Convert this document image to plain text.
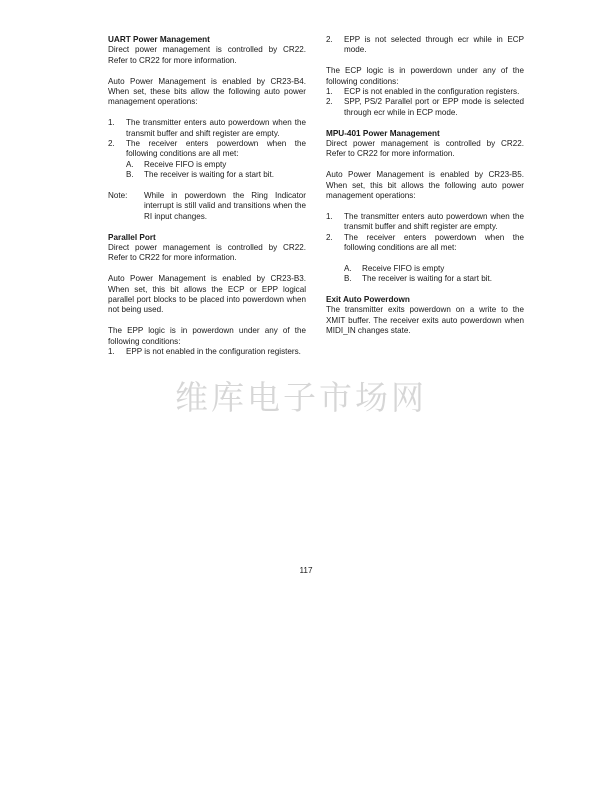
UART Power Management

Direct power management is controlled by CR22. Refer to CR22 for more information.

Auto Power Management is enabled by CR23-B4. When set, these bits allow the following auto power management operations:

1.	The transmitter enters auto powerdown when the transmit buffer and shift register are empty.
2.	The receiver enters powerdown when the following conditions are all met:
A.	Receive FIFO is empty
B.	The receiver is waiting for a start bit.
Note:	While in powerdown the Ring Indicator interrupt is still valid and transitions when the RI input changes.

Parallel Port

Direct power management is controlled by CR22. Refer to CR22 for more information.

Auto Power Management is enabled by CR23-B3. When set, this bit allows the ECP or EPP logical parallel port blocks to be placed into powerdown when not being used.

The EPP logic is in powerdown under any of the following conditions:

1.	EPP is not enabled in the configuration registers.
2.	EPP is not selected through ecr while in ECP mode.

The ECP logic is in powerdown under any of the following conditions:

1.	ECP is not enabled in the configuration registers.
2.	SPP, PS/2 Parallel port or EPP mode is selected through ecr while in ECP mode.
MPU-401 Power Management

Direct power management is controlled by CR22. Refer to CR22 for more information.

Auto Power Management is enabled by CR23-B5. When set, this bit allows the following auto power management operations:

1.	The transmitter enters auto powerdown when the transmit buffer and shift register are empty.
2.	The receiver enters powerdown when the following conditions are all met:
A.	Receive FIFO is empty
B.	The receiver is waiting for a start bit.
Exit Auto Powerdown

The transmitter exits powerdown on a write to the XMIT buffer. The receiver exits auto powerdown when MIDI_IN changes state.

维库电子市场网
117
